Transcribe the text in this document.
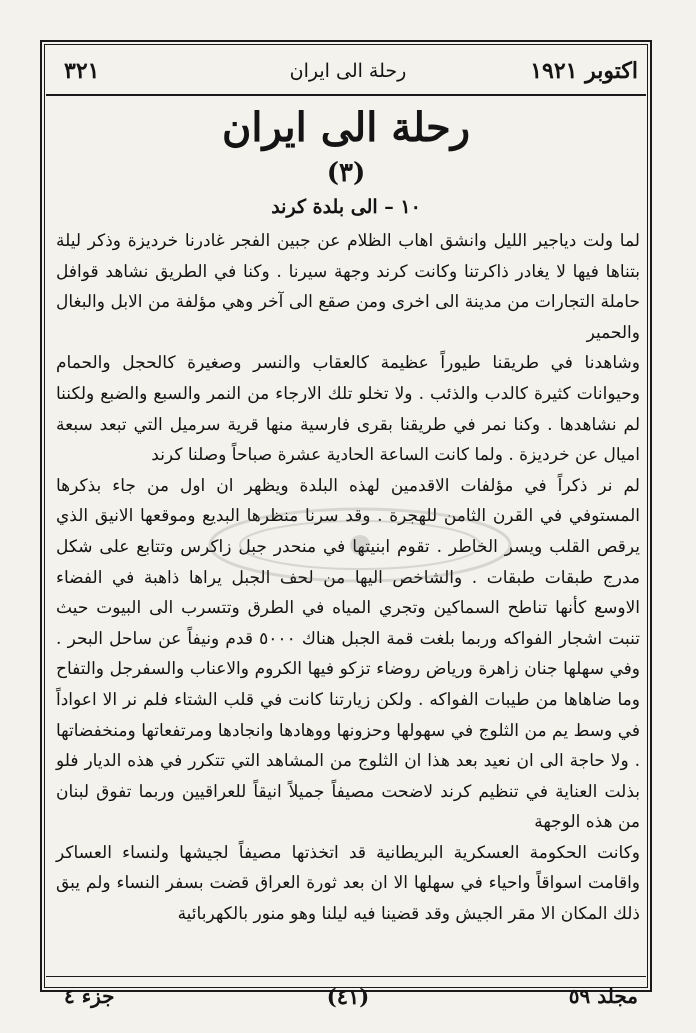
اكتوبر ١٩٢١
رحلة الى ايران
٣٢١
رحلة الى ايران
(٣)
١٠ – الى بلدة كرند

لما ولت دياجير الليل وانشق اهاب الظلام عن جبين الفجر غادرنا خرديزة وذكر ليلة بتناها فيها لا يغادر ذاكرتنا وكانت كرند وجهة سيرنا . وكنا في الطريق نشاهد قوافل حاملة التجارات من مدينة الى اخرى ومن صقع الى آخر وهي مؤلفة من الابل والبغال والحمير

وشاهدنا في طريقنا طيوراً عظيمة كالعقاب والنسر وصغيرة كالحجل والحمام وحيوانات كثيرة كالدب والذئب . ولا تخلو تلك الارجاء من النمر والسبع والضبع ولكننا لم نشاهدها . وكنا نمر في طريقنا بقرى فارسية منها قرية سرميل التي تبعد سبعة اميال عن خرديزة . ولما كانت الساعة الحادية عشرة صباحاً وصلنا كرند

لم نر ذكراً في مؤلفات الاقدمين لهذه البلدة ويظهر ان اول من جاء بذكرها المستوفي في القرن الثامن للهجرة . وقد سرنا منظرها البديع وموقعها الانيق الذي يرقص القلب ويسر الخاطر . تقوم ابنيتها في منحدر جبل زاكرس وتتابع على شكل مدرج طبقات طبقات . والشاخص اليها من لحف الجبل يراها ذاهبة في الفضاء الاوسع كأنها تناطح السماكين وتجري المياه في الطرق وتتسرب الى البيوت حيث تنبت اشجار الفواكه وربما بلغت قمة الجبل هناك ٥٠٠٠ قدم ونيفاً عن ساحل البحر . وفي سهلها جنان زاهرة ورياض روضاء تزكو فيها الكروم والاعناب والسفرجل والتفاح وما ضاهاها من طيبات الفواكه . ولكن زيارتنا كانت في قلب الشتاء فلم نر الا اعواداً في وسط يم من الثلوج في سهولها وحزونها ووهادها وانجادها ومرتفعاتها ومنخفضاتها . ولا حاجة الى ان نعيد بعد هذا ان الثلوج من المشاهد التي تتكرر في هذه الديار فلو بذلت العناية في تنظيم كرند لاضحت مصيفاً جميلاً انيقاً للعراقيين وربما تفوق لبنان من هذه الوجهة

وكانت الحكومة العسكرية البريطانية قد اتخذتها مصيفاً لجيشها ولنساء العساكر واقامت اسواقاً واحياء في سهلها الا ان بعد ثورة العراق قضت بسفر النساء ولم يبق ذلك المكان الا مقر الجيش وقد قضينا فيه ليلنا وهو منور بالكهربائية

مجلد ٥٩
(٤١)
جزء ٤
